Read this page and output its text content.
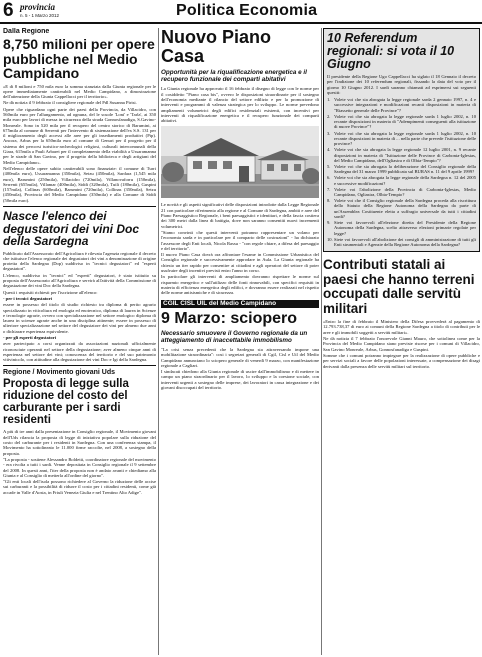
6 provincia
n. 5 - 1 Marzo 2012	Politica Economia
Dalla Regione
8,750 milioni per opere pubbliche nel Medio Campidano

«E di 8 milioni e 750 mila euro la somma stanziata dalla Giunta regionale per le opere immediatamente cantierabili nel Medio Campidano, a dimostrazione dell'attenzione della Giunta Cappellacci per il territorio».

Ne dà notizia il 9 febbraio il consigliere regionale del Pdl Susanna Pirisi.

Opere che riguardano ogni parte dei paesi della Provincia, da Villacidro, con 560mila euro per l'allungamento, ad ognuna, del le scuole 'Loni' e 'Tarla', ai 350 mila euro per lavori di messa in sicurezza della strada Gonnosfanadiga, S.Gavino-Monreale. Sono in 520 mila per il recupero del centro storico di Barumini, ai 675mila al comune di Serrenti per l'intervento di sistemazione dell'ex S.S. 131 per il miglioramento degli accessi alle aree per gli insediamenti produttivi (Pip). Ancora, Arbus per la 650mila euro al comune di Genuri per il progetto per il sistema dei percorsi turistico-archeologici religiosi, culturali intercomunali della Giara, 615mila a Pauli Arbarei per il completamento della viabilità a Ussaramanna per le strade di San Gavino, per il progetto della biblioteca e degli artigiani del Medio Campidano».

Nell'elenco delle opere subito cantierabili sono finanziate: il comune di Turri (400mila euro), Ussaramanna (350mila), Setzu (450mila), Sardara (1,545 mila euro), Barumini (250mila), Villacidro (720mila), Villanovaforru (150mila), Serrenti (655mila), Villamar (400mila), Siddi (320mila), Tuili (180mila), Guspini (157mila), Collinas (600mila), Barumini (720mila), Collinas (350mila), Setzu (450mila), Provincia del Medio Campidano (350mila) e alla Comune di Siddi (50mila euro).

Nasce l'elenco dei degustatori dei vini Doc della Sardegna

Pubblicato dall'Assessorato dell'Agricoltura è rilevata l'agenzia regionale il decreto che istituisce l'elenco regionale dei degustatori dei vini a denominazione di origine protetta della Sardegna (Dop) suddiviso in "tecnici degustatori" ed "esperti degustatori".

L'elenco, suddiviso in "tecnici" ed "esperti" degustatori, è stato istituito su proposta dell'Assessorato all'Agricoltura e servirà all'attività della Commissione di degustazione dei vini Doc della Sardegna.

Questi i requisiti richiesti per l'iscrizione all'elenco:

- per i tecnici degustatori

essere in possesso del titolo di studio richiesto tra diploma di perito agrario specializzato in viticoltura ed enologia ed enotecnico, diploma di laurea in Scienze e tecnologie agrarie, ovvero con specializzazione nel settore enologico diploma di laurea in scienze agrarie anche in una disciplina attinente; essere in possesso di ulteriore specializzazione nel settore del degustatore dei vini per almeno due anni o dichiarare esperienza equivalente.

- per gli esperti degustatori

aver partecipato a corsi organizzati da associazioni nazionali ufficialmente riconosciute operanti nel settore della degustazione; aver almeno cinque anni di esperienza nel settore dei vini; conoscenza del territorio e del suo patrimonio vitivinicolo, con attitudine alla degustazione dei vini Doc e Igt della Sardegna.

Regione / Movimento giovani Uds
Proposta di legge sulla riduzione del costo del carburante per i sardi residenti

A più di tre anni dalla presentazione in Consiglio regionale, il Movimento giovani dell'Uds rilancia la proposta di legge di iniziativa popolare sulla riduzione del costo del carburante per i residenti in Sardegna. Con una conferenza stampa, il Movimento ha sottolineato le 11.000 firme raccolte, nel 2008, a sostegno della proposta.

"La proposta - sostiene Alessandro Boldetti, coordinatore regionale del movimento - era rivolta a tutti i sardi. Venne depositata in Consiglio regionale il 9 settembre del 2008. In questi anni, l'iter della proposta non è andato avanti e chiediamo alla Giunta e al Consiglio di metterla all'ordine del giorno".

"Gli enti locali dell'isola possono richiedere al Governo la riduzione delle accise sui carburanti e la possibilità di ridurre il costo per i cittadini residenti, come già accade in Valle d'Aosta, in Friuli Venezia Giulia e nel Trentino Alto Adige".

Nuovo Piano Casa
Opportunità per la riqualificazione energetica e il recupero funzionale dei comparti abitativi

La Giunta regionale ha approvato il 16 febbraio il disegno di legge con le norme per il cosiddetto "Piano casa bis", ovvero le disposizioni straordinarie per il sostegno dell'economia mediante il rilancio del settore edilizio e per la promozione di interventi e programmi di valenza strategica per lo sviluppo. Le norme prevedono ampliamenti volumetrici degli edifici residenziali esistenti, con incentivi per interventi di riqualificazione energetica e il recupero funzionale dei comparti abitativi.

Le novità e gli aspetti significativi delle disposizioni introdotte dalla Legge Regionale 21 con particolare riferimento alla regione e al Comune di Sardegna, ambiti e aree del Piano Paesaggistico Regionale, i beni paesaggistici e identitari, e della fascia costiera dei 300 metri dalla linea di battigia, dove non saranno consentiti nuovi incrementi volumetrici.

"Siamo convinti che questi interventi potranno rappresentare un volano per l'economia sarda e in particolare per il comparto delle costruzioni" - ha dichiarato l'assessore degli Enti locali, Nicola Rassu - "con regole chiare, a difesa del paesaggio e del territorio".

Il nuovo Piano Casa dovrà ora affrontare l'esame in Commissione Urbanistica del Consiglio regionale e successivamente approdare in Aula. La Giunta regionale ha chiesto un iter rapido per consentire ai cittadini e agli operatori del settore di poter usufruire degli incentivi previsti entro l'anno in corso.

In particolare gli interventi di ampliamento dovranno rispettare le norme sul risparmio energetico e sull'utilizzo delle fonti rinnovabili, con specifici requisiti in materia di efficienza energetica degli edifici, e dovranno essere realizzati nel rispetto delle norme antisismiche e di sicurezza.

CGIL CISL UIL del Medio Campidano
9 Marzo: sciopero
Necessario smuovere il Governo regionale da un atteggiamento di inaccettabile immobilismo

"La crisi senza precedenti che la Sardegna sta attraversando impone una mobilitazione straordinaria": cosi i segretari generali di Cgil, Cisl e Uil del Medio Campidano annunciano lo sciopero generale di venerdì 9 marzo, con manifestazione regionale a Cagliari.

I sindacati chiedono alla Giunta regionale di uscire dall'immobilismo e di mettere in campo un piano straordinario per il lavoro, lo sviluppo e la coesione sociale, con interventi urgenti a sostegno delle imprese, dei lavoratori in cassa integrazione e dei giovani disoccupati del territorio.

10 Referendum regionali: si vota il 10 Giugno
Il presidente della Regione Ugo Cappellacci ha siglato il 18 Gennaio il decreto per l'indizione dei 10 referendum regionali, fissando la data del voto per il giorno 10 Giugno 2012. I sardi saranno chiamati ad esprimersi sui seguenti quesiti:
1. Volete voi che sia abrogata la legge regionale sarda 2 gennaio 1997, n. 4 e successive integrazioni e modificazioni recanti disposizioni in materia di "Riassetto generale delle Province"?
2. Volete voi che sia abrogata la legge regionale sarda 1 luglio 2002, n. 10 recante disposizioni in materia di "Adempimenti conseguenti alla istituzione di nuove Province"?
3. Volete voi che sia abrogata la legge regionale sarda 1 luglio 2002, n. 10 recante disposizioni in materia di ... nella parte che prevede l'istituzione delle province?
4. Volete voi che sia abrogata la legge regionale 12 luglio 2001, n. 9 recante disposizioni in materia di "Istituzione delle Province di Carbonia-Iglesias, del Medio Campidano, dell'Ogliastra e di Olbia-Tempio"?
5. Volete voi che sia abrogata la deliberazione del Consiglio regionale della Sardegna del 31 marzo 1999 pubblicata sul BURAS n. 11 del 9 aprile 1999?
6. Volete voi che sia abrogata la legge regionale della Sardegna n. 12 del 2005 e successive modificazioni?
7. Volete voi l'abolizione della Provincia di Carbonia-Iglesias, Medio Campidano, Ogliastra, Olbia-Tempio?
8. Volete voi che il Consiglio regionale della Sardegna proceda alla riscrittura dello Statuto della Regione Autonoma della Sardegna da parte di un'Assemblea Costituente eletta a suffragio universale da tutti i cittadini sardi?
9. Siete voi favorevoli all'elezione diretta del Presidente della Regione Autonoma della Sardegna, scelto attraverso elezioni primarie regolate per legge?
10. Siete voi favorevoli all'abolizione dei consigli di amministrazione di tutti gli Enti strumentali e Agenzie della Regione Autonoma della Sardegna?
Contributi statali ai paesi che hanno terreni occupati dalle servitù militari

«Entro la fine di febbraio il Ministero della Difesa provvederà al pagamento di 12.793.738,37 di euro ai comuni della Regione Sardegna a titolo di contributi per le aree e gli immobili soggetti a servitù militari».

Ne dà notizia il 7 febbraio l'onorevole Gianni Mauro, che sottolinea come per la Provincia del Medio Campidano siano previste risorse per i comuni di Villacidro, San Gavino Monreale, Arbus, Gonnosfanadiga e Guspini.

Somme che i comuni potranno impiegare per la realizzazione di opere pubbliche e per servizi sociali a favore delle popolazioni interessate, a compensazione dei disagi derivanti dalla presenza delle servitù militari sul territorio.
